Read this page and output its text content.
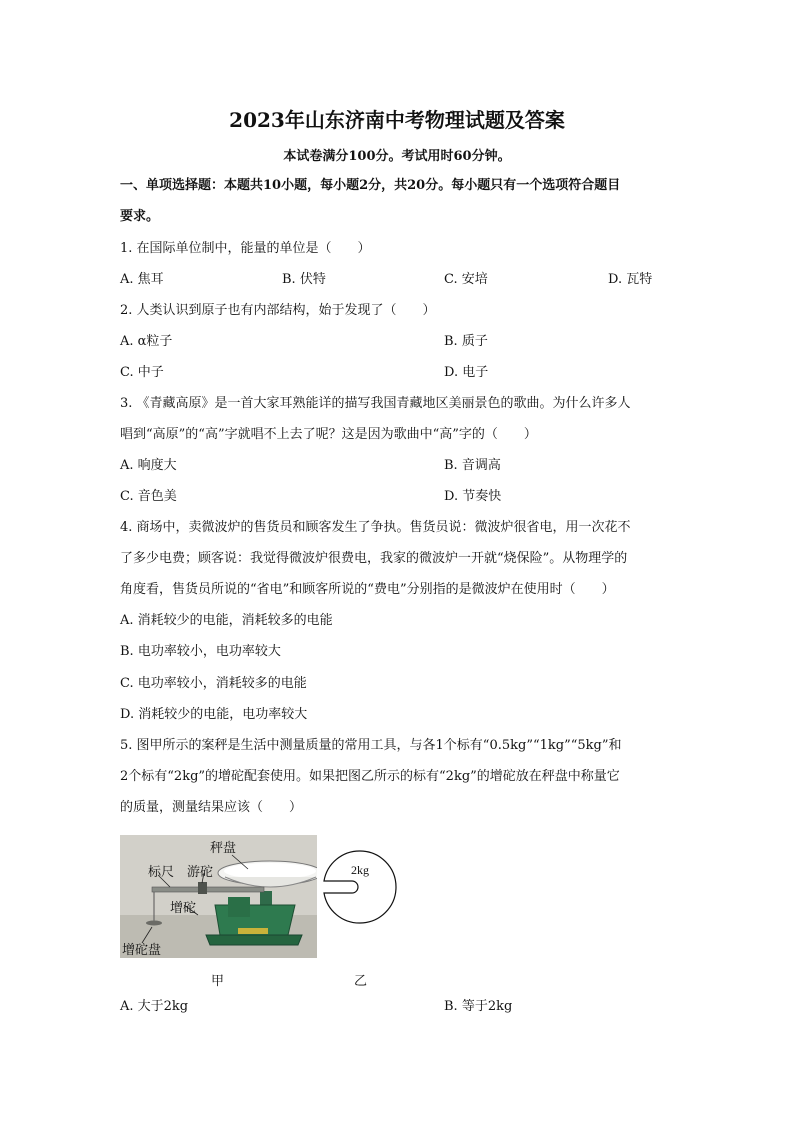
2023年山东济南中考物理试题及答案
本试卷满分100分。考试用时60分钟。
一、单项选择题：本题共10小题，每小题2分，共20分。每小题只有一个选项符合题目
要求。
1. 在国际单位制中，能量的单位是（　　）
A. 焦耳	B. 伏特	C. 安培	D. 瓦特
2. 人类认识到原子也有内部结构，始于发现了（　　）
A. α粒子	B. 质子
C. 中子	D. 电子
3. 《青藏高原》是一首大家耳熟能详的描写我国青藏地区美丽景色的歌曲。为什么许多人
唱到“高原”的“高”字就唱不上去了呢？这是因为歌曲中“高”字的（　　）
A. 响度大	B. 音调高
C. 音色美	D. 节奏快
4. 商场中，卖微波炉的售货员和顾客发生了争执。售货员说：微波炉很省电，用一次花不
了多少电费；顾客说：我觉得微波炉很费电，我家的微波炉一开就“烧保险”。从物理学的
角度看，售货员所说的“省电”和顾客所说的“费电”分别指的是微波炉在使用时（　　）
A. 消耗较少的电能，消耗较多的电能
B. 电功率较小，电功率较大
C. 电功率较小，消耗较多的电能
D. 消耗较少的电能，电功率较大
5. 图甲所示的案秤是生活中测量质量的常用工具，与各1个标有“0.5kg”“1kg”“5kg”和
2个标有“2kg”的增砣配套使用。如果把图乙所示的标有“2kg”的增砣放在秤盘中称量它
的质量，测量结果应该（　　）
秤盘
标尺 游砣
增砣
增砣盘
2kg
甲	乙
A. 大于2kg	B. 等于2kg
